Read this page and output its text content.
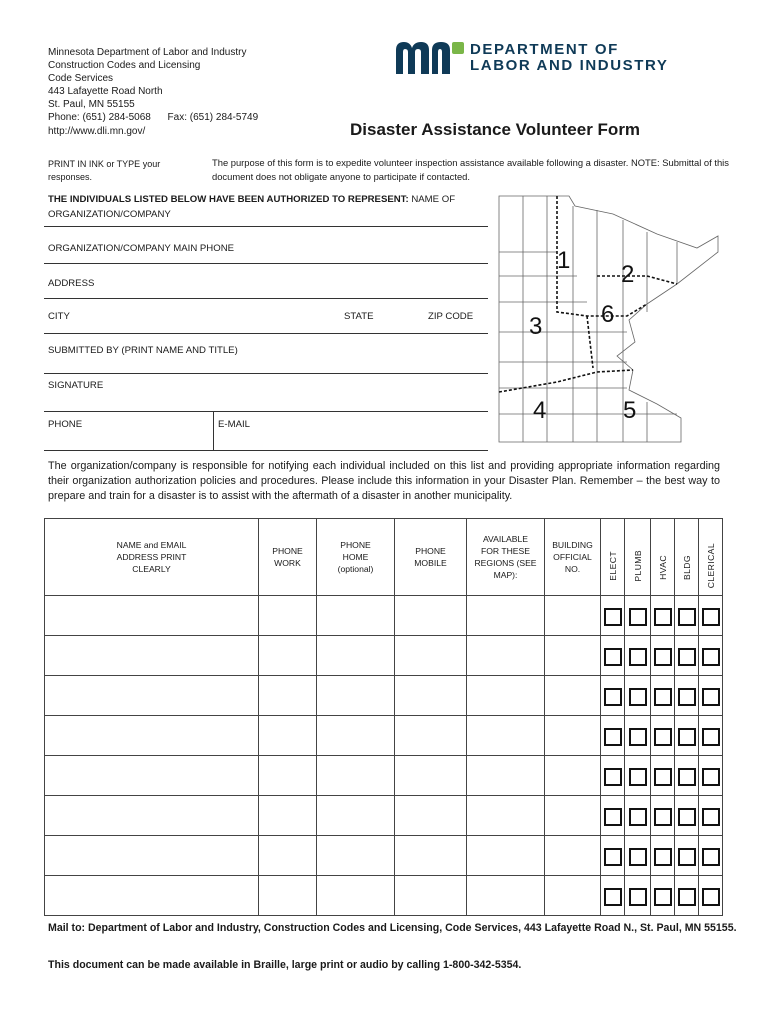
Minnesota Department of Labor and Industry
Construction Codes and Licensing
Code Services
443 Lafayette Road North
St. Paul, MN 55155
Phone: (651) 284-5068      Fax: (651) 284-5749
http://www.dli.mn.gov/
DEPARTMENT OF
LABOR AND INDUSTRY
Disaster Assistance Volunteer Form
PRINT IN INK or TYPE your responses.
The purpose of this form is to expedite volunteer inspection assistance available following a disaster. NOTE: Submittal of this document does not obligate anyone to participate if contacted.
THE INDIVIDUALS LISTED BELOW HAVE BEEN AUTHORIZED TO REPRESENT: NAME OF ORGANIZATION/COMPANY
ORGANIZATION/COMPANY MAIN PHONE
ADDRESS
CITY	STATE	ZIP CODE
SUBMITTED BY (PRINT NAME AND TITLE)
SIGNATURE
PHONE	E-MAIL
1
2
3
4	5
6
The organization/company is responsible for notifying each individual included on this list and providing appropriate information regarding their organization authorization policies and procedures. Please include this information in your Disaster Plan. Remember – the best way to prepare and train for a disaster is to assist with the aftermath of a disaster in another municipality.
NAME and EMAIL ADDRESS PRINT CLEARLY	PHONE WORK	PHONE HOME (optional)	PHONE MOBILE	AVAILABLE FOR THESE REGIONS (SEE MAP):	BUILDING OFFICIAL NO.	ELECT	PLUMB	HVAC	BLDG	CLERICAL

Mail to: Department of Labor and Industry, Construction Codes and Licensing, Code Services, 443 Lafayette Road N., St. Paul, MN 55155.
This document can be made available in Braille, large print or audio by calling 1-800-342-5354.
